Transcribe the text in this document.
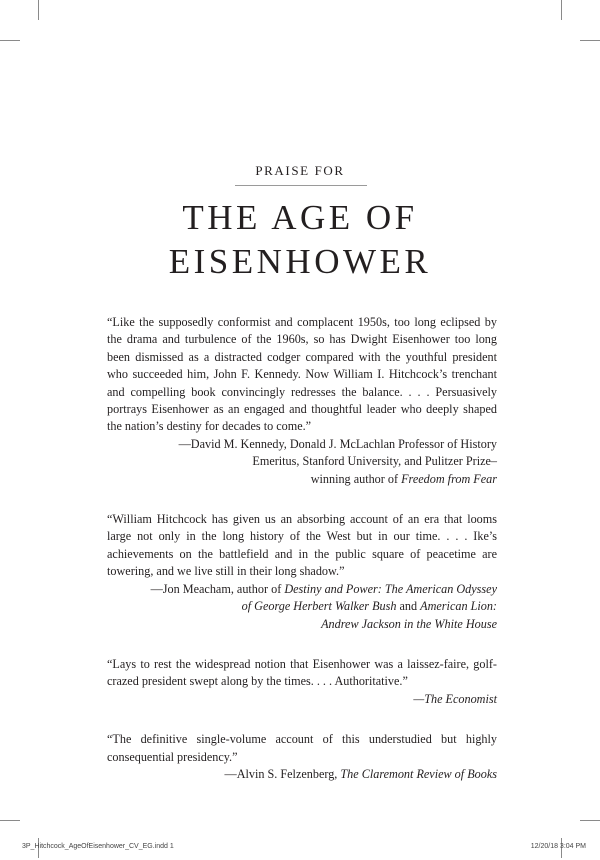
PRAISE FOR
THE AGE OF
EISENHOWER

“Like the supposedly conformist and complacent 1950s, too long eclipsed by the drama and turbulence of the 1960s, so has Dwight Eisenhower too long been dismissed as a distracted codger compared with the youthful president who succeeded him, John F. Kennedy. Now William I. Hitchcock’s trenchant and compelling book convincingly redresses the balance. . . . Persuasively portrays Eisenhower as an engaged and thoughtful leader who deeply shaped the nation’s destiny for decades to come.”

—David M. Kennedy, Donald J. McLachlan Professor of History
Emeritus, Stanford University, and Pulitzer Prize–
winning author of Freedom from Fear

“William Hitchcock has given us an absorbing account of an era that looms large not only in the long history of the West but in our time. . . . Ike’s achievements on the battlefield and in the public square of peacetime are towering, and we live still in their long shadow.”

—Jon Meacham, author of Destiny and Power: The American Odyssey
of George Herbert Walker Bush and American Lion:
Andrew Jackson in the White House

“Lays to rest the widespread notion that Eisenhower was a laissez-faire, golf-crazed president swept along by the times. . . . Authoritative.”

—The Economist

“The definitive single-volume account of this understudied but highly consequential presidency.”

—Alvin S. Felzenberg, The Claremont Review of Books
3P_Hitchcock_AgeOfEisenhower_CV_EG.indd 1	12/20/18 3:04 PM
